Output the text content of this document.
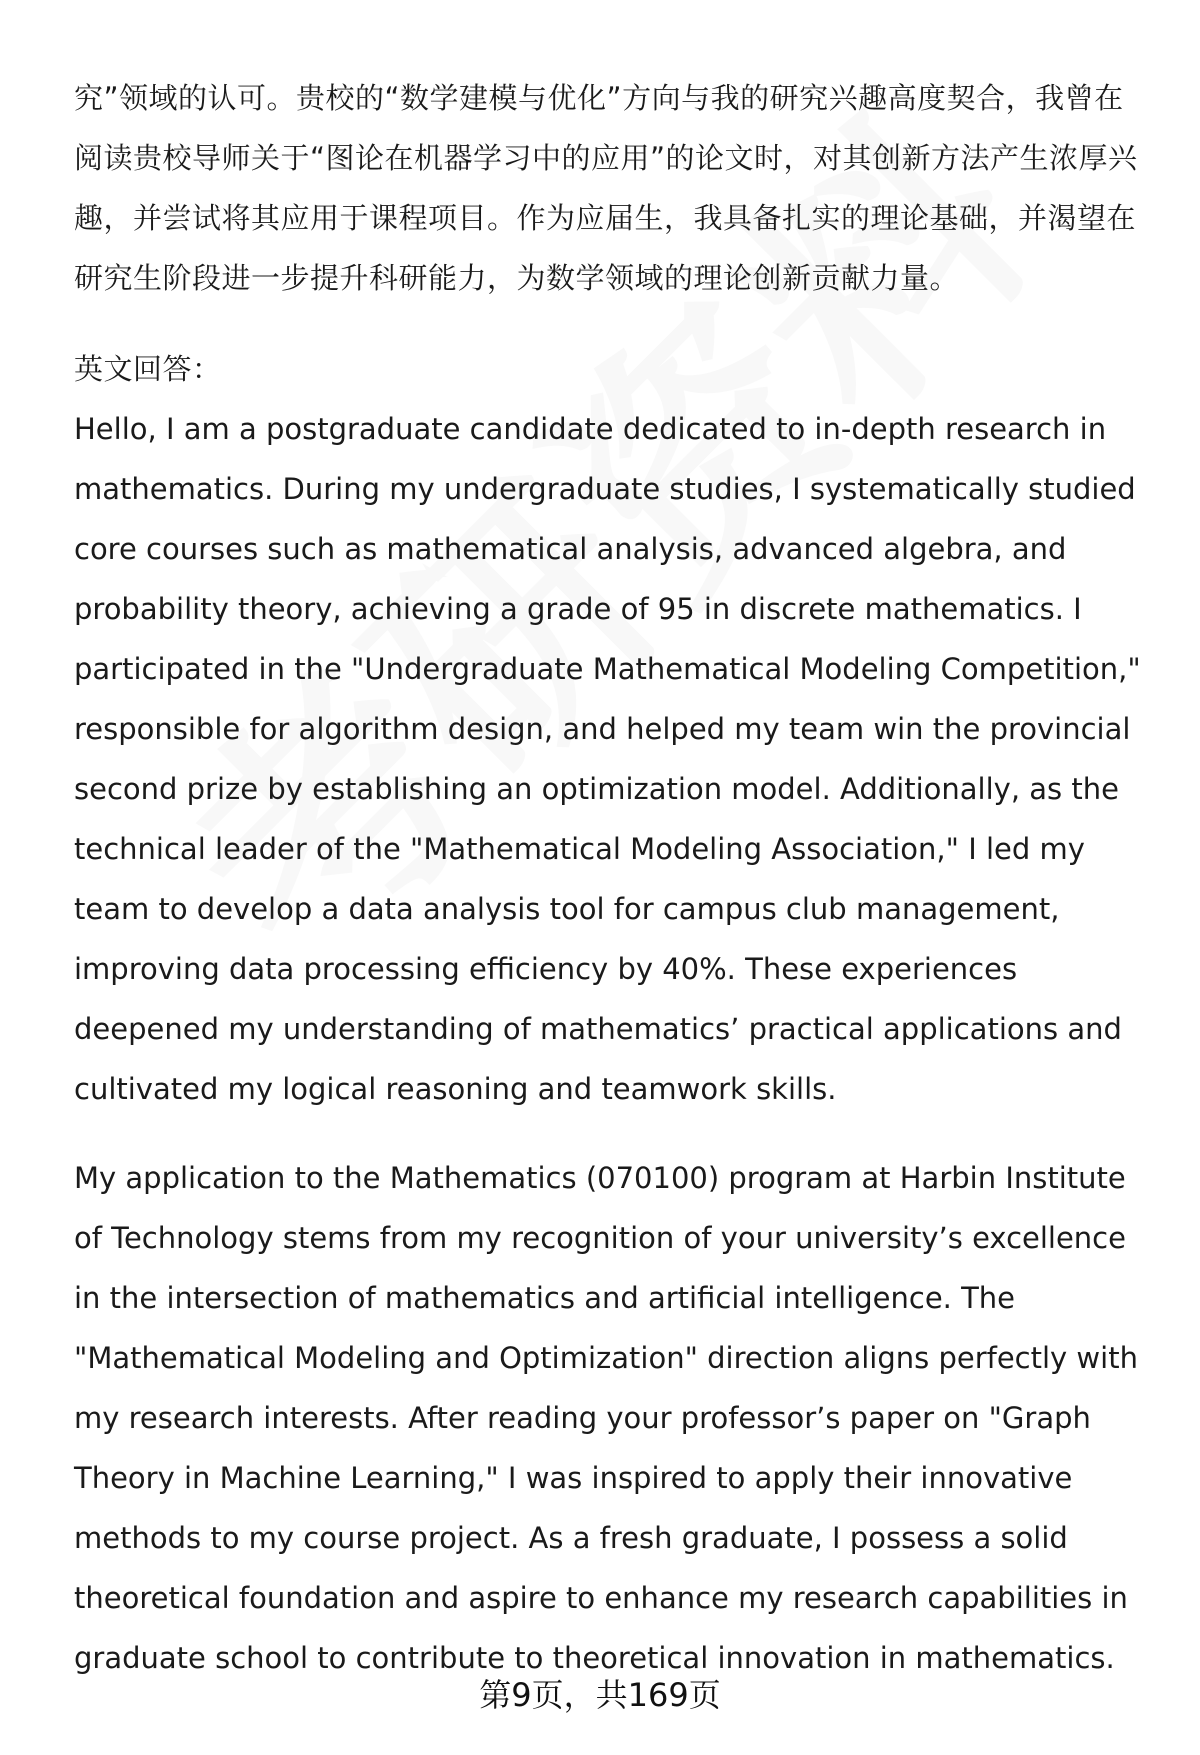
究”领域的认可。贵校的“数学建模与优化”方向与我的研究兴趣高度契合，我曾在阅读贵校导师关于“图论在机器学习中的应用”的论文时，对其创新方法产生浓厚兴趣，并尝试将其应用于课程项目。作为应届生，我具备扎实的理论基础，并渴望在研究生阶段进一步提升科研能力，为数学领域的理论创新贡献力量。

英文回答：

Hello, I am a postgraduate candidate dedicated to in-depth research in mathematics. During my undergraduate studies, I systematically studied core courses such as mathematical analysis, advanced algebra, and probability theory, achieving a grade of 95 in discrete mathematics. I participated in the "Undergraduate Mathematical Modeling Competition," responsible for algorithm design, and helped my team win the provincial second prize by establishing an optimization model. Additionally, as the technical leader of the "Mathematical Modeling Association," I led my team to develop a data analysis tool for campus club management, improving data processing efficiency by 40%. These experiences deepened my understanding of mathematics’ practical applications and cultivated my logical reasoning and teamwork skills.

My application to the Mathematics (070100) program at Harbin Institute of Technology stems from my recognition of your university’s excellence in the intersection of mathematics and artificial intelligence. The "Mathematical Modeling and Optimization" direction aligns perfectly with my research interests. After reading your professor’s paper on "Graph Theory in Machine Learning," I was inspired to apply their innovative methods to my course project. As a fresh graduate, I possess a solid theoretical foundation and aspire to enhance my research capabilities in graduate school to contribute to theoretical innovation in mathematics.

第9页，共169页
